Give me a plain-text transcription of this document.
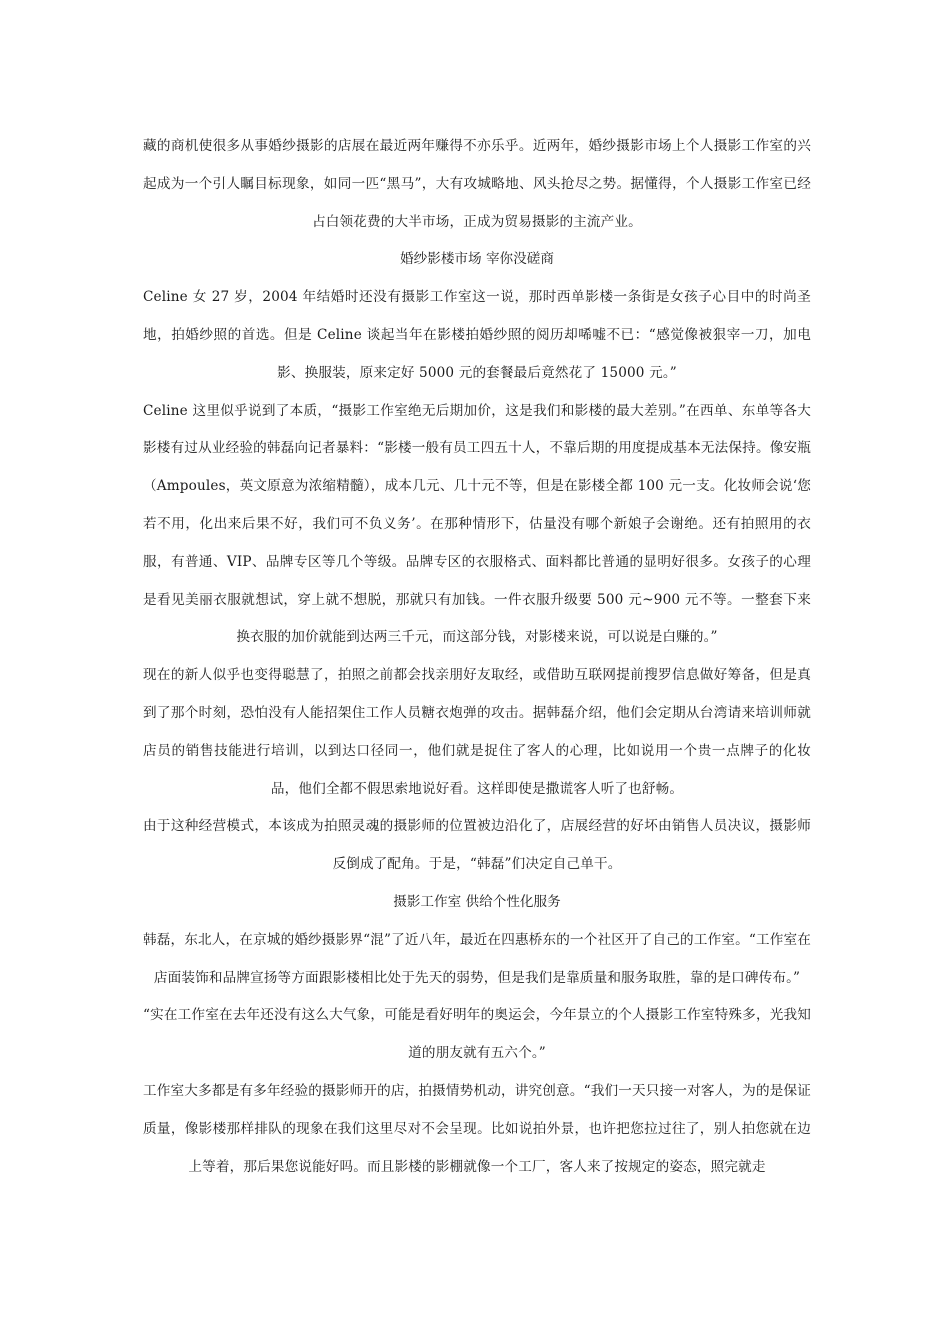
藏的商机使很多从事婚纱摄影的店展在最近两年赚得不亦乐乎。近两年，婚纱摄影市场上个人摄影工作室的兴起成为一个引人瞩目标现象，如同一匹“黑马”，大有攻城略地、风头抢尽之势。据懂得，个人摄影工作室已经占白领花费的大半市场，正成为贸易摄影的主流产业。

婚纱影楼市场 宰你没磋商

Celine 女 27 岁，2004 年结婚时还没有摄影工作室这一说，那时西单影楼一条街是女孩子心目中的时尚圣地，拍婚纱照的首选。但是 Celine 谈起当年在影楼拍婚纱照的阅历却唏嘘不已：“感觉像被狠宰一刀，加电影、换服装，原来定好 5000 元的套餐最后竟然花了 15000 元。”

Celine 这里似乎说到了本质，“摄影工作室绝无后期加价，这是我们和影楼的最大差别。”在西单、东单等各大影楼有过从业经验的韩磊向记者暴料：“影楼一般有员工四五十人，不靠后期的用度提成基本无法保持。像安瓶（Ampoules，英文原意为浓缩精髓），成本几元、几十元不等，但是在影楼全都 100 元一支。化妆师会说‘您若不用，化出来后果不好，我们可不负义务’。在那种情形下，估量没有哪个新娘子会谢绝。还有拍照用的衣服，有普通、VIP、品牌专区等几个等级。品牌专区的衣服格式、面料都比普通的显明好很多。女孩子的心理是看见美丽衣服就想试，穿上就不想脱，那就只有加钱。一件衣服升级要 500 元~900 元不等。一整套下来换衣服的加价就能到达两三千元，而这部分钱，对影楼来说，可以说是白赚的。”

现在的新人似乎也变得聪慧了，拍照之前都会找亲朋好友取经，或借助互联网提前搜罗信息做好筹备，但是真到了那个时刻，恐怕没有人能招架住工作人员糖衣炮弹的攻击。据韩磊介绍，他们会定期从台湾请来培训师就店员的销售技能进行培训，以到达口径同一，他们就是捉住了客人的心理，比如说用一个贵一点牌子的化妆品，他们全都不假思索地说好看。这样即使是撒谎客人听了也舒畅。

由于这种经营模式，本该成为拍照灵魂的摄影师的位置被边沿化了，店展经营的好坏由销售人员决议，摄影师反倒成了配角。于是，“韩磊”们决定自己单干。

摄影工作室 供给个性化服务

韩磊，东北人，在京城的婚纱摄影界“混”了近八年，最近在四惠桥东的一个社区开了自己的工作室。“工作室在店面装饰和品牌宣扬等方面跟影楼相比处于先天的弱势，但是我们是靠质量和服务取胜，靠的是口碑传布。”

“实在工作室在去年还没有这么大气象，可能是看好明年的奥运会，今年景立的个人摄影工作室特殊多，光我知道的朋友就有五六个。”

工作室大多都是有多年经验的摄影师开的店，拍摄情势机动，讲究创意。“我们一天只接一对客人，为的是保证质量，像影楼那样排队的现象在我们这里尽对不会呈现。比如说拍外景，也许把您拉过往了，别人拍您就在边上等着，那后果您说能好吗。而且影楼的影棚就像一个工厂，客人来了按规定的姿态，照完就走
